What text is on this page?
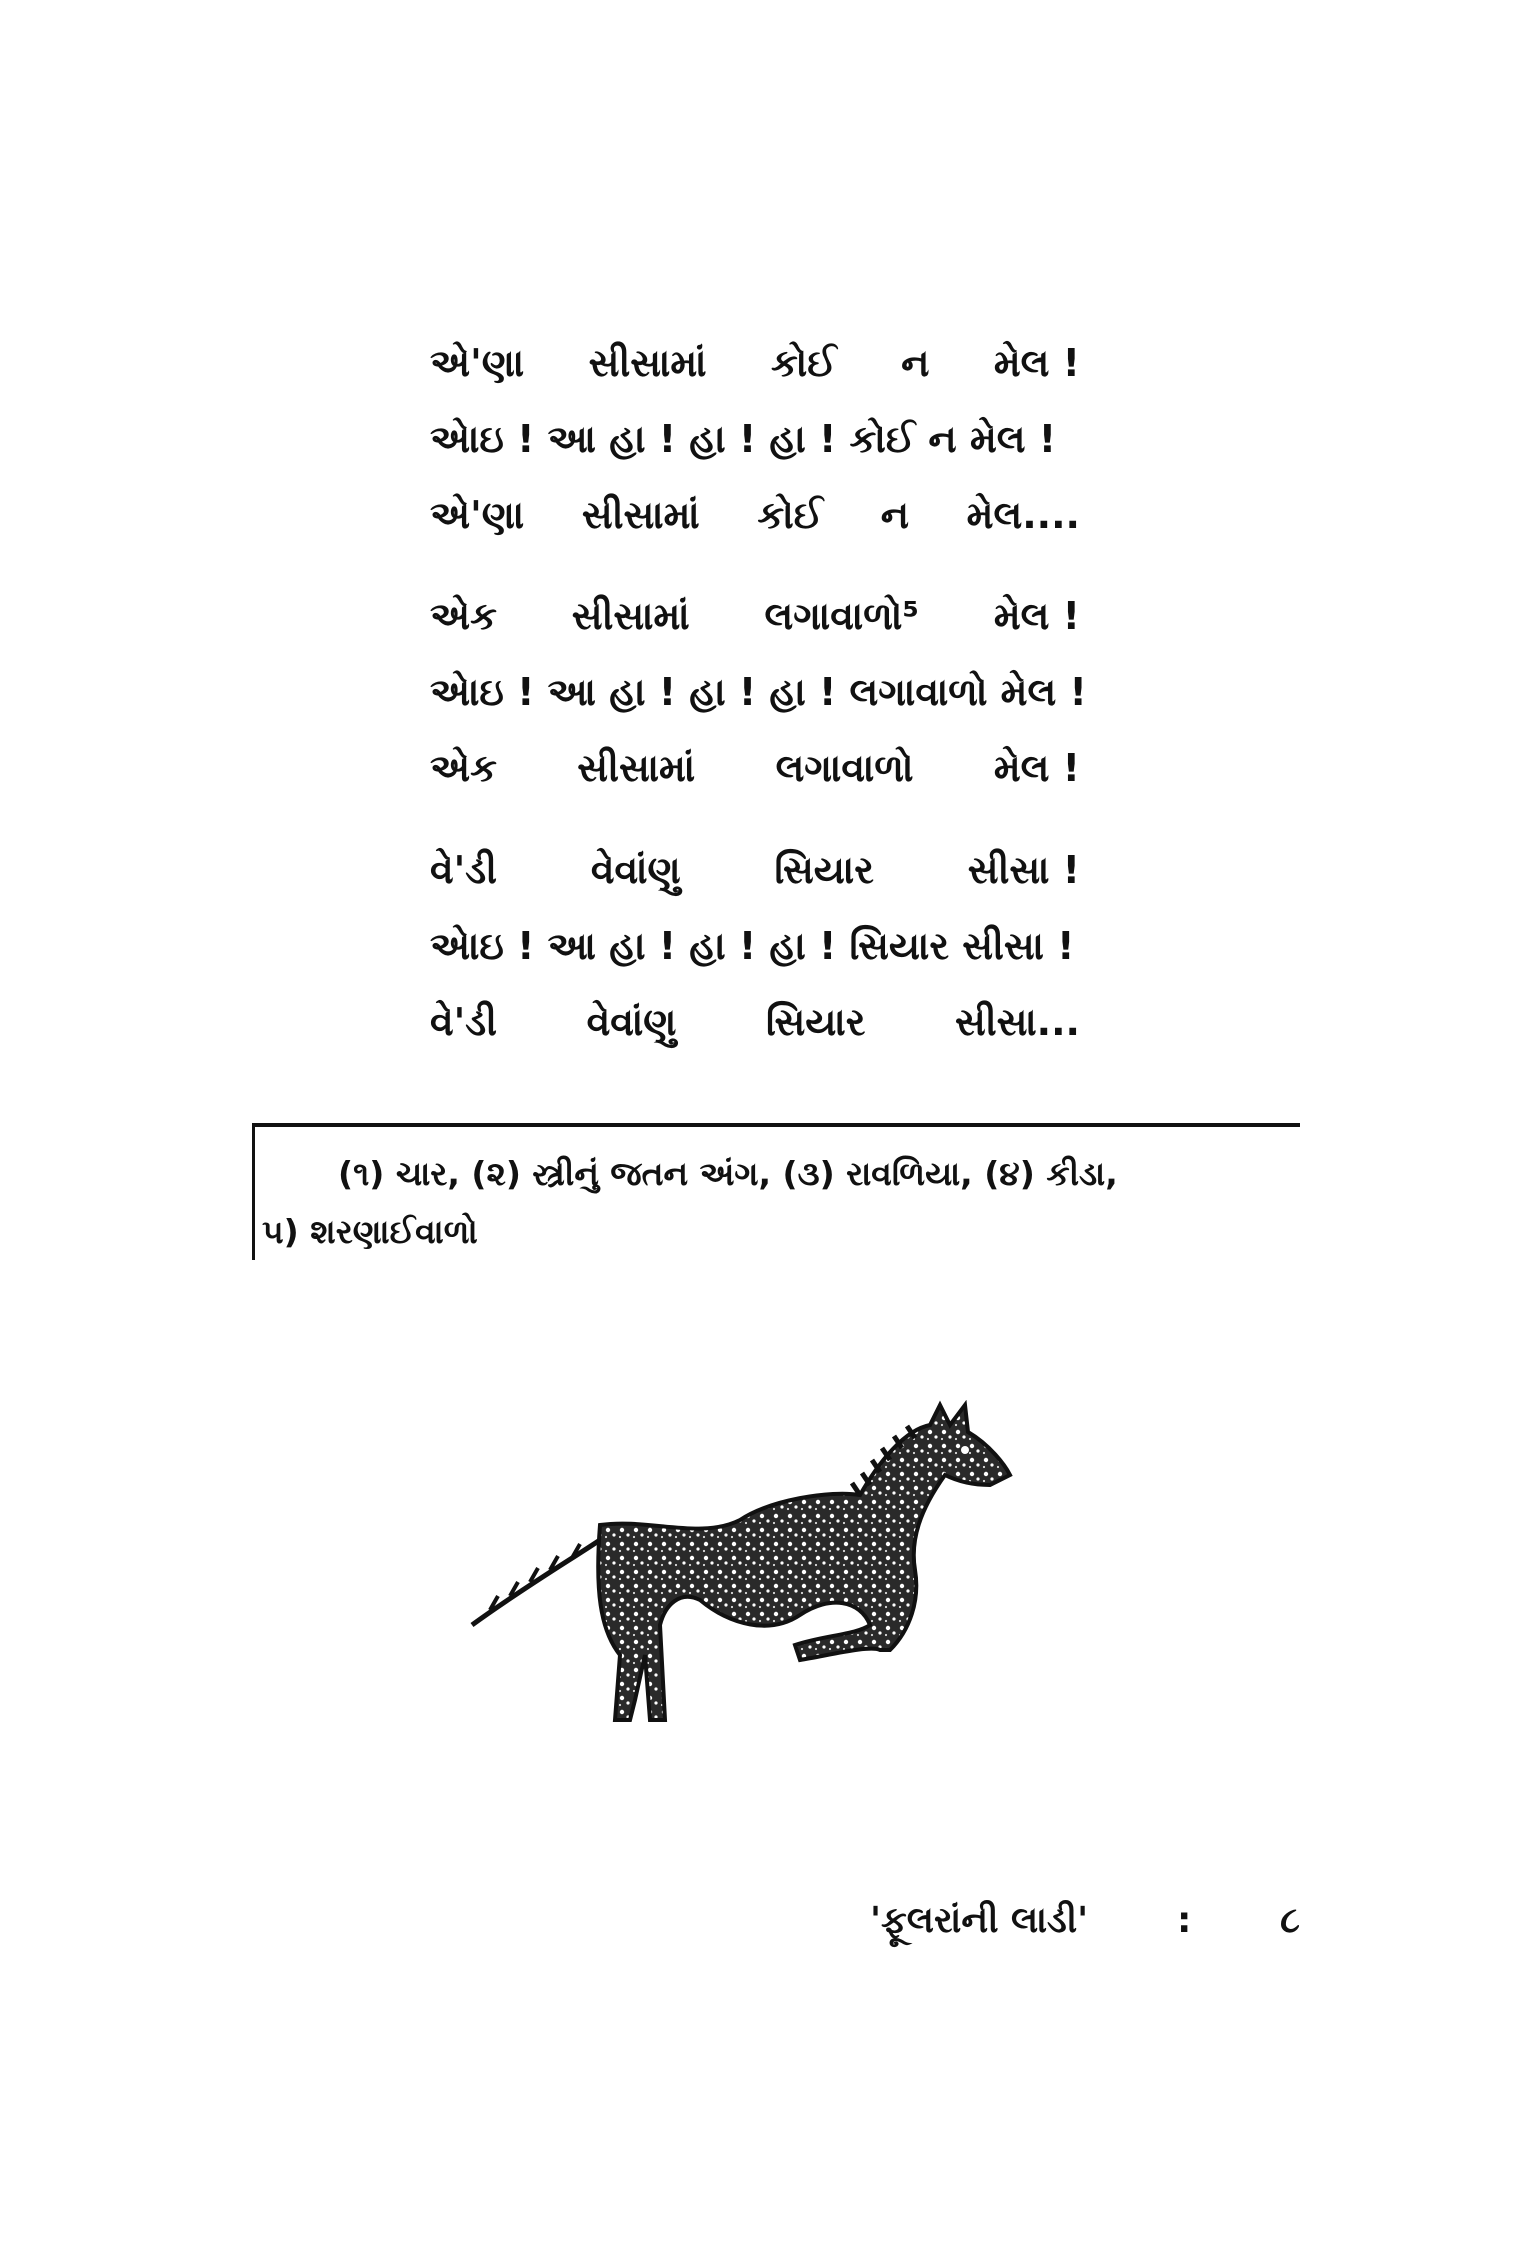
એ'ણા સીસામાં કોઈ ન મેલ !
એાઇ ! આ હા ! હા ! હા ! કોઈ ન મેલ !
એ'ણા સીસામાં કોઈ ન મેલ....
એક સીસામાં લગાવાળો⁵ મેલ !
એાઇ ! આ હા ! હા ! હા ! લગાવાળો મેલ !
એક સીસામાં લગાવાળો મેલ !
વે'ડી વેવાંણુ સિયાર સીસા !
એાઇ ! આ હા ! હા ! હા ! સિયાર સીસા !
વે'ડી વેવાંણુ સિયાર સીસા...
(૧) ચાર, (૨) સ્ત્રીનું જતન અંગ, (૩) રાવળિયા, (૪) કીડા,
૫) શરણાઈવાળો
'ફૂલરાંની લાડી' : ૮
